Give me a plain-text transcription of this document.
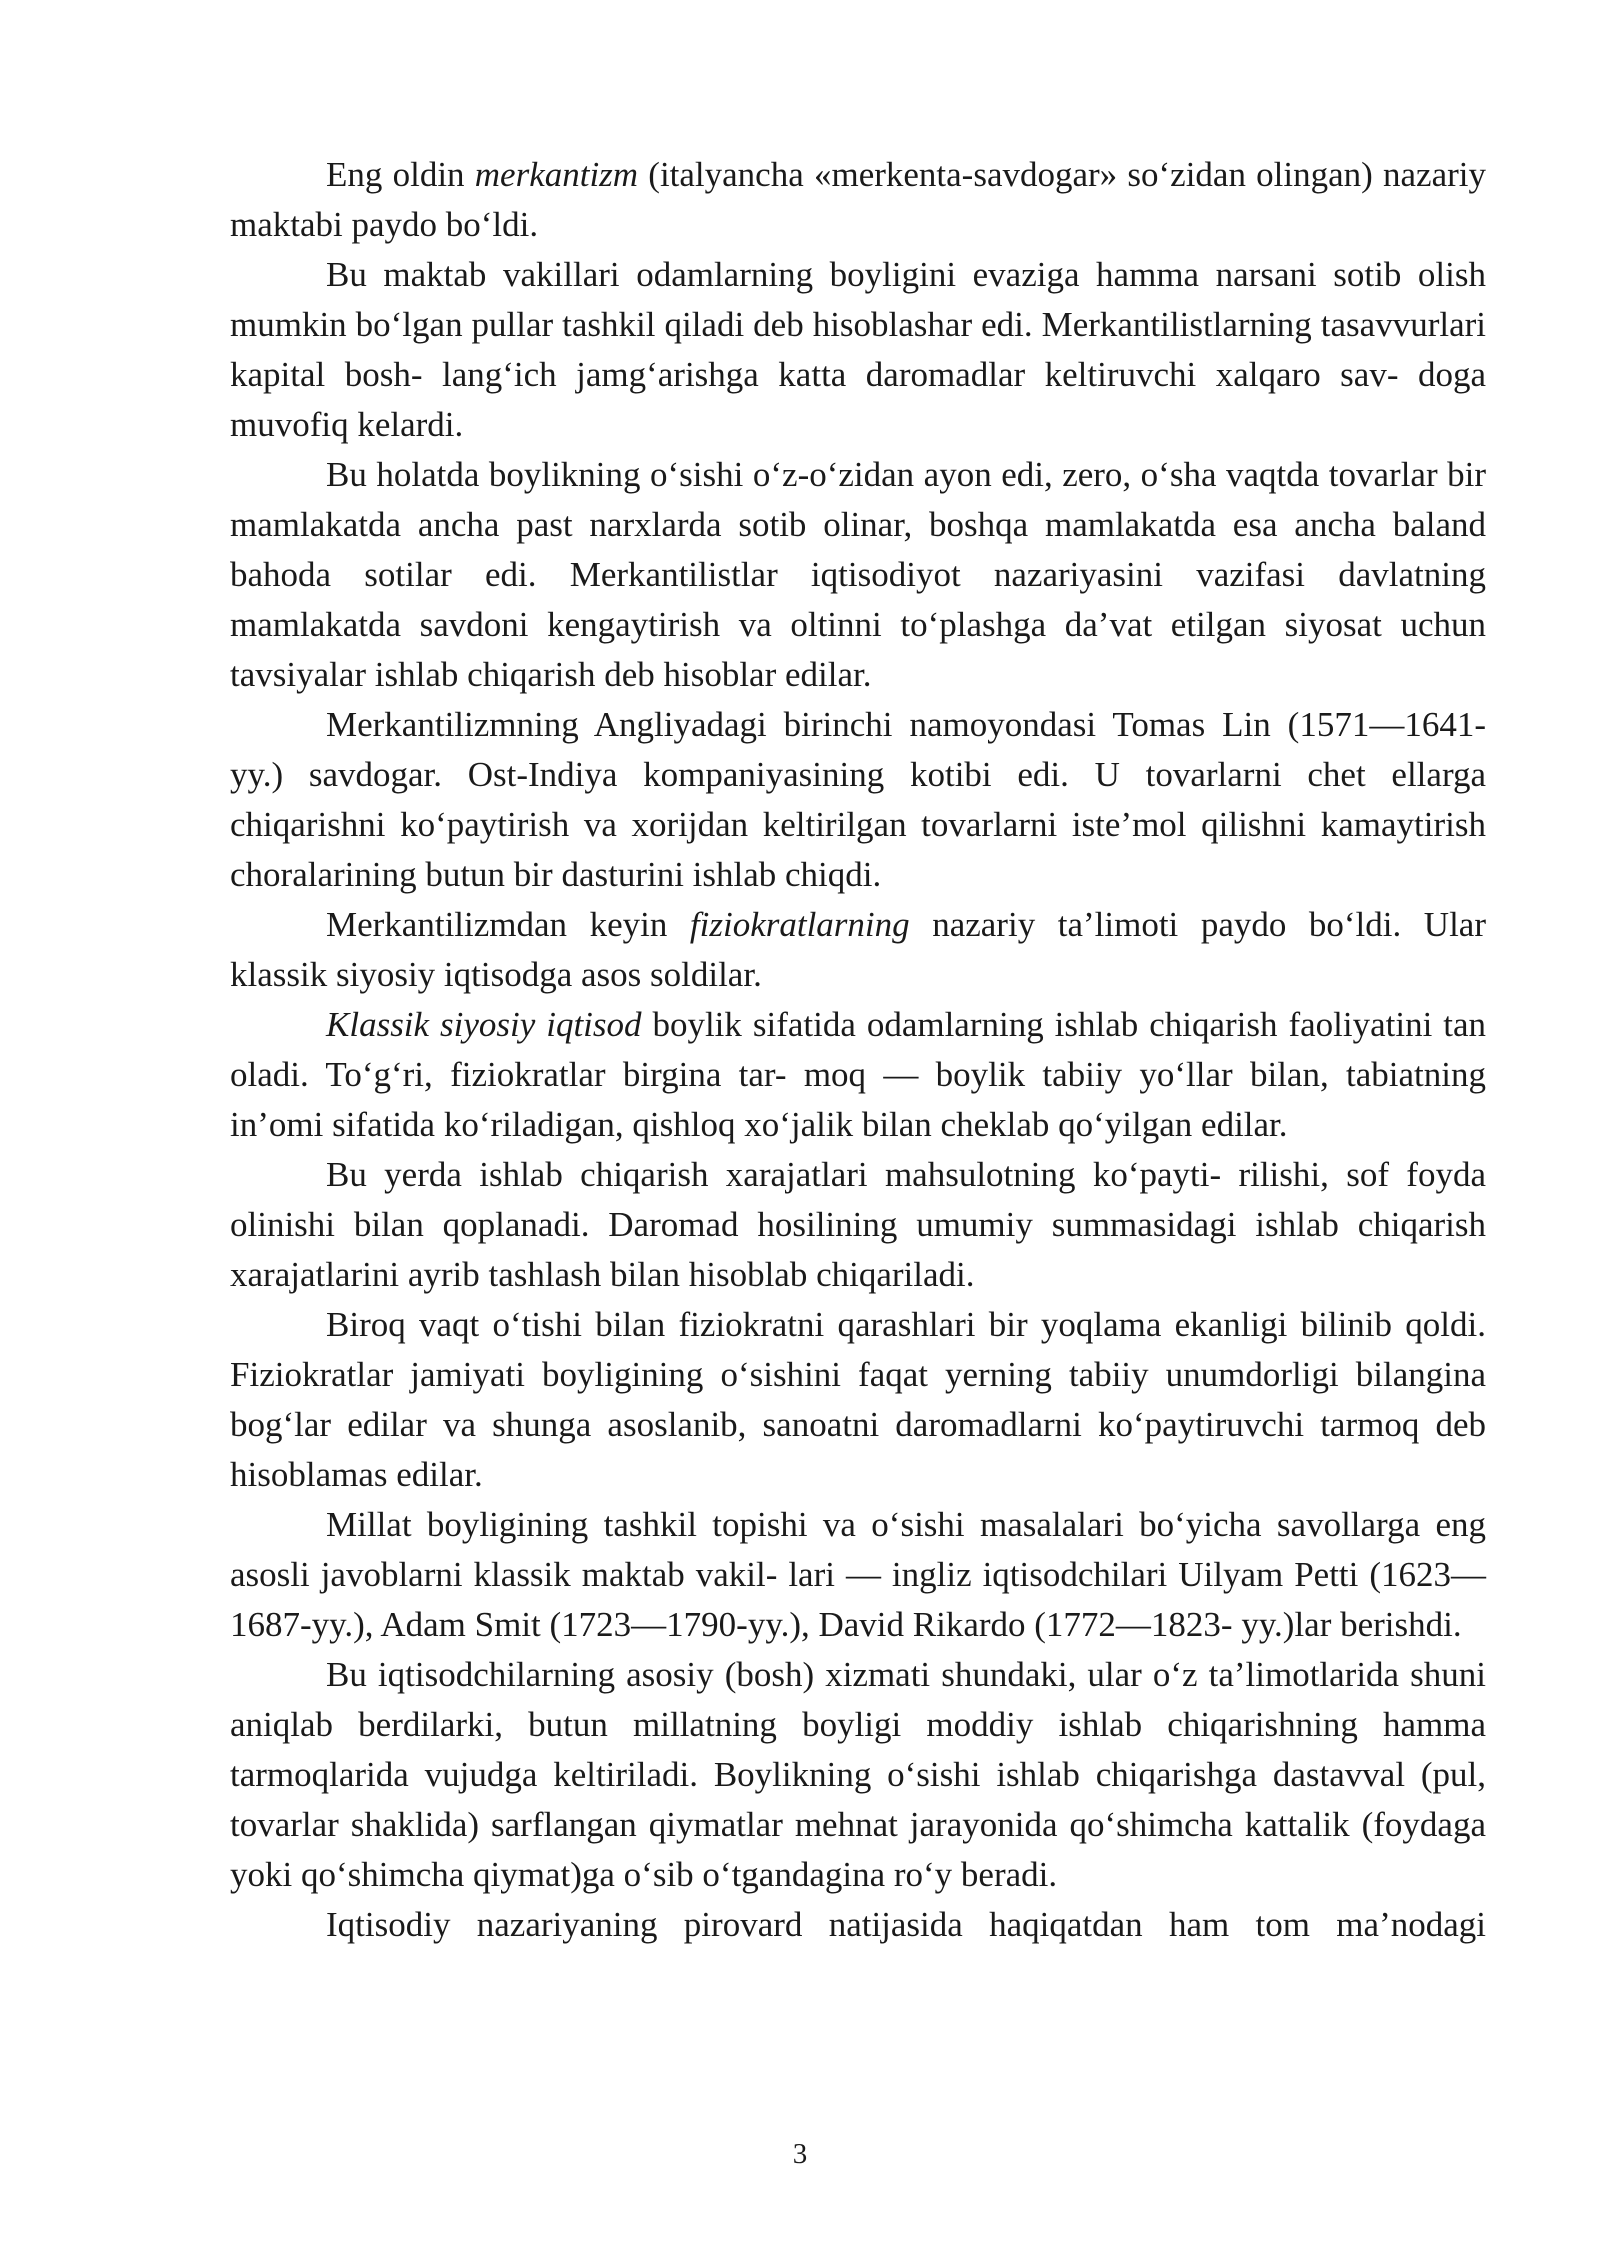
Eng oldin merkantizm (italyancha «merkenta-savdogar» so‘zidan olingan) nazariy maktabi paydo bo‘ldi.

Bu maktab vakillari odamlarning boyligini evaziga hamma narsani sotib olish mumkin bo‘lgan pullar tashkil qiladi deb hisoblashar edi. Merkantilistlarning tasavvurlari kapital bosh- lang‘ich jamg‘arishga katta daromadlar keltiruvchi xalqaro sav- doga muvofiq kelardi.

Bu holatda boylikning o‘sishi o‘z-o‘zidan ayon edi, zero, o‘sha vaqtda tovarlar bir mamlakatda ancha past narxlarda sotib olinar, boshqa mamlakatda esa ancha baland bahoda sotilar edi. Merkantilistlar iqtisodiyot nazariyasini vazifasi davlatning mamlakatda savdoni kengaytirish va oltinni to‘plashga da’vat etilgan siyosat uchun tavsiyalar ishlab chiqarish deb hisoblar edilar.

Merkantilizmning Angliyadagi birinchi namoyondasi Tomas Lin (1571—1641-yy.) savdogar. Ost-Indiya kompaniyasining kotibi edi. U tovarlarni chet ellarga chiqarishni ko‘paytirish va xorijdan keltirilgan tovarlarni iste’mol qilishni kamaytirish choralarining butun bir dasturini ishlab chiqdi.

Merkantilizmdan keyin fiziokratlarning nazariy ta’limoti paydo bo‘ldi. Ular klassik siyosiy iqtisodga asos soldilar.

Klassik siyosiy iqtisod boylik sifatida odamlarning ishlab chiqarish faoliyatini tan oladi. To‘g‘ri, fiziokratlar birgina tar- moq — boylik tabiiy yo‘llar bilan, tabiatning in’omi sifatida ko‘riladigan, qishloq xo‘jalik bilan cheklab qo‘yilgan edilar.

Bu yerda ishlab chiqarish xarajatlari mahsulotning ko‘payti- rilishi, sof foyda olinishi bilan qoplanadi. Daromad hosilining umumiy summasidagi ishlab chiqarish xarajatlarini ayrib tashlash bilan hisoblab chiqariladi.

Biroq vaqt o‘tishi bilan fiziokratni qarashlari bir yoqlama ekanligi bilinib qoldi. Fiziokratlar jamiyati boyligining o‘sishini faqat yerning tabiiy unumdorligi bilangina bog‘lar edilar va shunga asoslanib, sanoatni daromadlarni ko‘paytiruvchi tarmoq deb hisoblamas edilar.

Millat boyligining tashkil topishi va o‘sishi masalalari bo‘yicha savollarga eng asosli javoblarni klassik maktab vakil- lari — ingliz iqtisodchilari Uilyam Petti (1623—1687-yy.), Adam Smit (1723—1790-yy.), David Rikardo (1772—1823- yy.)lar berishdi.

Bu iqtisodchilarning asosiy (bosh) xizmati shundaki, ular o‘z ta’limotlarida shuni aniqlab berdilarki, butun millatning boyligi moddiy ishlab chiqarishning hamma tarmoqlarida vujudga keltiriladi. Boylikning o‘sishi ishlab chiqarishga dastavval (pul, tovarlar shaklida) sarflangan qiymatlar mehnat jarayonida qo‘shimcha kattalik (foydaga yoki qo‘shimcha qiymat)ga o‘sib o‘tgandagina ro‘y beradi.

Iqtisodiy nazariyaning pirovard natijasida haqiqatdan ham tom ma’nodagi

3
